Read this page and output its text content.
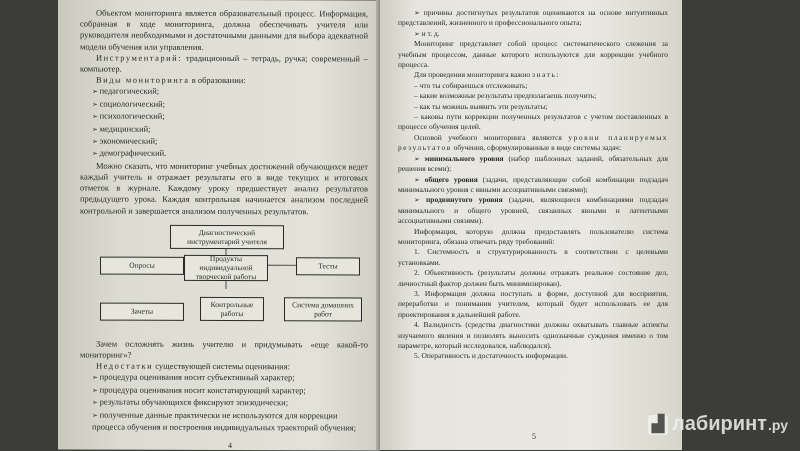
Объектом мониторинга является образовательный процесс. Информация, собранная в ходе мониторинга, должна обеспечивать учителя или руководителя необходимыми и достаточными данными для выбора адекватной модели обучения или управления.

Инструментарий: традиционный – тетрадь, ручка; современный – компьютер.

Виды мониторинга в образовании:

➢ педагогический;
➢ социологический;
➢ психологический;
➢ медицинский;
➢ экономический;
➢ демографический.

Можно сказать, что мониторинг учебных достижений обучающихся ведет каждый учитель и отражает результаты его в виде текущих и итоговых отметок в журнале. Каждому уроку предшествует анализ результатов предыдущего урока. Каждая контрольная начинается анализом последней контрольной и завершается анализом полученных результатов.

Диагностический инструментарий учителя
Опросы
Продукты индивидуальной творческой работы
Тесты
Зачеты
Контрольные работы
Система домашних работ

Зачем осложнять жизнь учителю и придумывать «еще какой-то мониторинг»?

Недостатки существующей системы оценивания:

➢ процедура оценивания носит субъективный характер;
➢ процедура оценивания носит констатирующий характер;
➢ результаты обучающихся фиксируют эпизодически;
➢ полученные данные практически не используются для коррекции процесса обучения и построения индивидуальных траекторий обучения;
4

➢ причины достигнутых результатов оцениваются на основе интуитивных представлений, жизненного и профессионального опыта;

➢ и т. д.

Мониторинг представляет собой процесс систематического слежения за учебным процессом, данные которого используются для коррекции учебного процесса.

Для проведения мониторинга важно знать:

– что ты собираешься отслеживать;

– какие возможные результаты предполагаешь получить;

– как ты можешь выявить эти результаты;

– каковы пути коррекции полученных результатов с учетом поставленных в процессе обучения целей.

Основой учебного мониторинга являются уровни планируемых результатов обучения, сформулированные в виде системы задач:

➢ минимального уровня (набор шаблонных заданий, обязательных для решения всеми);

➢ общего уровня (задачи, представляющие собой комбинации подзадач минимального уровня с явными ассоциативными связями);

➢ продвинутого уровня (задачи, являющиеся комбинациями подзадач минимального и общего уровней, связанных явными и латентными ассоциативными связями).

Информация, которую должна предоставлять пользователю система мониторинга, обязана отвечать ряду требований:

1. Системность и структурированность в соответствии с целевыми установками.

2. Объективность (результаты должны отражать реальное состояние дел, личностный фактор должен быть минимизирован).

3. Информация должна поступать в форме, доступной для восприятия, переработки и понимания учителем, который будет использовать ее для проектирования в дальнейшей работе.

4. Валидность (средства диагностики должны охватывать главные аспекты изучаемого явления и позволять выносить однозначные суждения именно о том параметре, который исследовался, наблюдался).

5. Оперативность и достаточность информации.

5
▟ лабиринт .ру
